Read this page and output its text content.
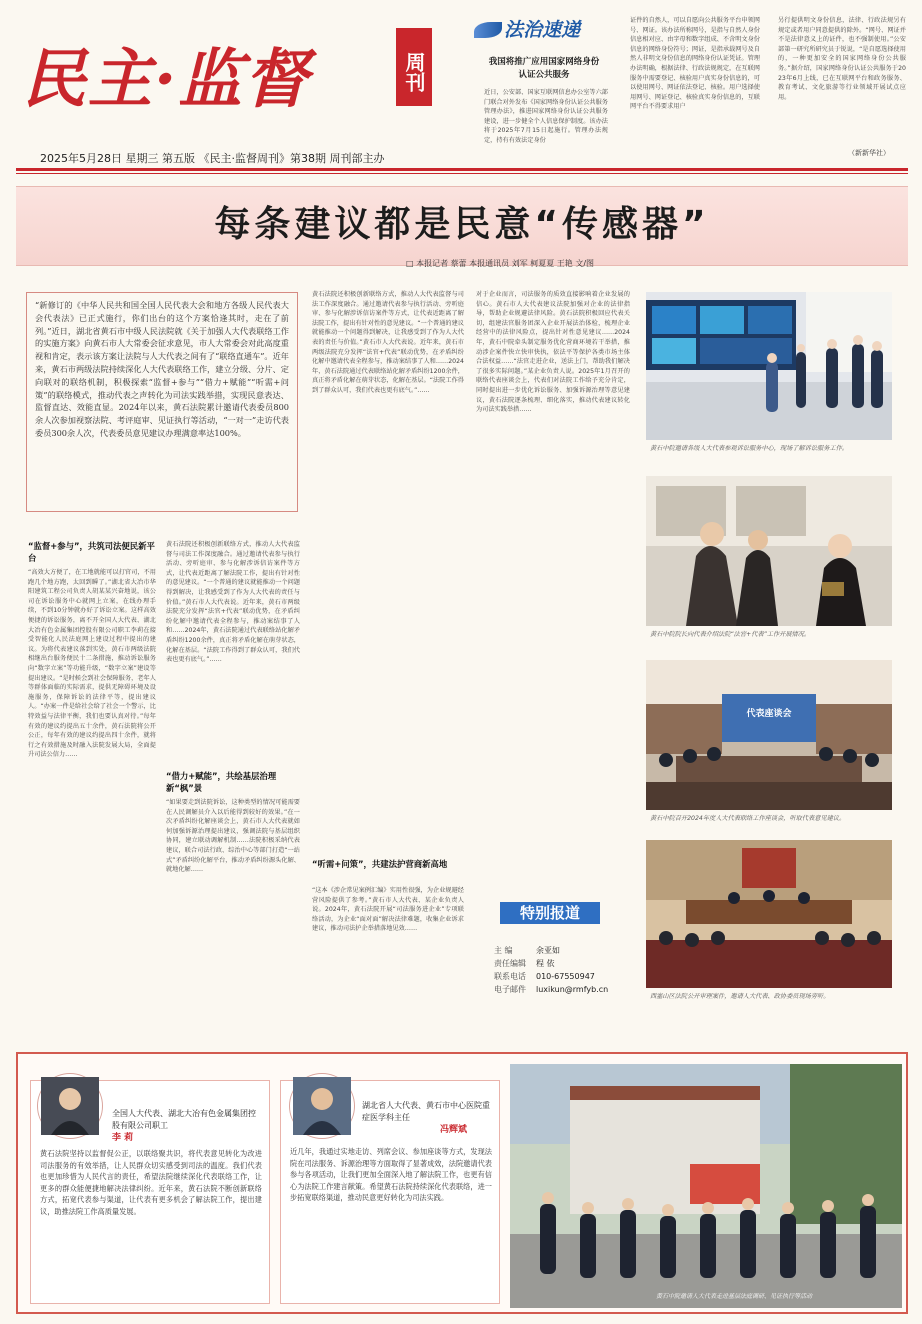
民主·监督	周刊
2025年5月28日 星期三 第五版 《民主·监督周刊》第38期 周刊部主办
法治速递
我国将推广应用国家网络身份认证公共服务
近日，公安部、国家互联网信息办公室等六部门联合对外发布《国家网络身份认证公共服务管理办法》，推进国家网络身份认证公共服务建设，进一步健全个人信息保护制度。该办法将于2025年7月15日起施行。管理办法规定，持有有效法定身份
证件的自然人，可以自愿向公共服务平台申领网号、网证。该办法所称网号，是指与自然人身份信息相对应、由字母和数字组成、不含明文身份信息的网络身份符号；网证，是指承载网号及自然人非明文身份信息的网络身份认证凭证。管理办法明确，根据法律、行政法规规定，在互联网服务中需要登记、核验用户真实身份信息的，可以使用网号、网证依法登记、核验。用户选择使用网号、网证登记、核验真实身份信息的，互联网平台不得要求用户
另行提供明文身份信息，法律、行政法规另有规定或者用户同意提供的除外。“网号、网证并不是法律意义上的证件，也不强制使用。”公安部第一研究所研究员于锐说，“是自愿选择使用的，一种更加安全的国家网络身份公共服务。”据介绍，国家网络身份认证公共服务于2023年6月上线，已在互联网平台和政务服务、教育考试、文化旅游等行业领域开展试点应用。
（新新华社）
每条建议都是民意“传感器”
□ 本报记者 蔡蕾 本报通讯员 刘军 柯夏夏 王艳 文/图
“新修订的《中华人民共和国全国人民代表大会和地方各级人民代表大会代表法》已正式施行，你们出台的这个方案恰逢其时，走在了前列。”近日，湖北省黄石市中级人民法院就《关于加强人大代表联络工作的实施方案》向黄石市人大常委会征求意见，市人大常委会对此高度重视和肯定，表示该方案让法院与人大代表之间有了“联络直通车”。近年来，黄石市两级法院持续深化人大代表联络工作，建立分级、分片、定向联对的联络机制，积极探索“监督+参与”“借力+赋能”“听需+问策”的联络模式，推动代表之声转化为司法实践举措，实现民意表达、监督直达、效能直显。2024年以来，黄石法院累计邀请代表委员800余人次参加视察法院、考评庭审、见证执行等活动，“一对一”走访代表委员300余人次，代表委员意见建议办理满意率达100%。
“监督+参与”，共筑司法便民新平台
“高效大方便了，在工地就能可以打官司，不用跑几个地方跑，太回到瞬了。”湖北省大冶市华阳建筑工程公司负责人胡某某兴奋地说，该公司在诉讼服务中心就网上立案，在线办理手续，不到10分钟就办好了诉讼立案。这样高效便捷的诉讼服务，离不开全国人大代表、湖北大冶有色金属集团控股有限公司职工李莉在接受智能化人民法庭网上建设过程中提出的建议。为将代表建议落到实处，黄石市两级法院相继出台服务便民十二条措施，推动诉讼服务向“数字立案”等功能升级，“数字立案”建设等提出建议。“是时候会到社会保障服务，老年人等群体面临的实际需求，提供无障碍环境及设施服务，保障诉讼的法律平等，提出建议人。“办案一件是给社会给了社会一个警示，比特效益与法律平衡，我们也要认真对待。”每年有效的建议约提出五十余件，黄石法院将公开公正，每年有效的建议约提出四十余件，就将行之有效措施及时融入法院发展大局，全面提升司法公信力……
黄石法院还积极创新联络方式，推动人大代表监督与司法工作深度融合。通过邀请代表参与执行活动、旁听庭审、参与化解涉诉信访案件等方式，让代表近距离了解法院工作，提出有针对性的意见建议。“一个普通的建议就能推动一个问题得到解决，让我感受到了作为人大代表的责任与价值。”黄石市人大代表说。近年来，黄石市两级法院充分发挥“法官+代表”联动优势，在矛盾纠纷化解中邀请代表全程参与，推动案结事了人和……2024年，黄石法院通过代表联络站化解矛盾纠纷1200余件，真正将矛盾化解在萌芽状态，化解在基层。“法院工作得到了群众认可，我们代表也更有底气。”……
“借力+赋能”，共绘基层治理新“枫”景
“如果要走到法院诉讼，这种类型的情况可能需要在人民调解员介入以后能得到较好的效果。”在一次矛盾纠纷化解座谈会上，黄石市人大代表就如何加强诉源治理提出建议，强调法院与基层组织协同，建立联动调解机制……法院积极采纳代表建议，联合司法行政、综治中心等部门打造“一站式”矛盾纠纷化解平台，推动矛盾纠纷源头化解、就地化解……
黄石法院还积极创新联络方式，推动人大代表监督与司法工作深度融合。通过邀请代表参与执行活动、旁听庭审、参与化解涉诉信访案件等方式，让代表近距离了解法院工作，提出有针对性的意见建议。“一个普通的建议就能推动一个问题得到解决，让我感受到了作为人大代表的责任与价值。”黄石市人大代表说。近年来，黄石市两级法院充分发挥“法官+代表”联动优势，在矛盾纠纷化解中邀请代表全程参与，推动案结事了人和……2024年，黄石法院通过代表联络站化解矛盾纠纷1200余件，真正将矛盾化解在萌芽状态，化解在基层。“法院工作得到了群众认可，我们代表也更有底气。”……
“听需+问策”，共建法护营商新高地
“这本《涉企常见案例汇编》实用性很强，为企业规避经营风险提供了参考。”黄石市人大代表、某企业负责人说。2024年，黄石法院开展“司法服务进企业”专项联络活动，为企业“面对面”解决法律难题，收集企业诉求建议，推动司法护企举措落地见效……
对于企业而言，司法服务的质效直接影响着企业发展的信心。黄石市人大代表建议法院加强对企业的法律指导，帮助企业规避法律风险。黄石法院积极回应代表关切，组建法官服务团深入企业开展法治体检，梳理企业经营中的法律风险点，提出针对性意见建议……2024年，黄石中院牵头制定服务优化营商环境若干举措，推动涉企案件快立快审快执，依法平等保护各类市场主体合法权益……“法官走进企业，送法上门，帮助我们解决了很多实际问题。”某企业负责人说。2025年1月召开的联络代表座谈会上，代表们对法院工作给予充分肯定，同时提出进一步优化诉讼服务、加强诉源治理等意见建议，黄石法院逐条梳理、细化落实，推动代表建议转化为司法实践举措……
黄石中院邀请各级人大代表参观诉讼服务中心，现场了解诉讼服务工作。
黄石中院院长向代表介绍法院“法官+代表”工作开展情况。
代表座谈会
黄石中院召开2024年度人大代表联络工作座谈会，听取代表意见建议。
西塞山区法院公开审理案件，邀请人大代表、政协委员现场旁听。
特别报道
主 编	余亚如
责任编辑	程 依
联系电话	010-67550947
电子邮件	luxikun@rmfyb.cn
全国人大代表、湖北大冶有色金属集团控股有限公司职工
李 莉
黄石法院坚持以监督促公正，以联络聚共识，将代表意见转化为改进司法服务的有效举措，让人民群众切实感受到司法的温度。我们代表也更加珍惜为人民代言的责任，希望法院继续深化代表联络工作，让更多的群众能便捷地解决法律纠纷。近年来，黄石法院不断创新联络方式，拓宽代表参与渠道，让代表有更多机会了解法院工作，提出建议，助推法院工作高质量发展。
湖北省人大代表、黄石市中心医院重症医学科主任
冯辉斌
近几年，我通过实地走访、列席会议、参加座谈等方式，发现法院在司法服务、诉源治理等方面取得了显著成效，法院邀请代表参与各项活动，让我们更加全面深入地了解法院工作，也更有信心为法院工作建言献策。希望黄石法院持续深化代表联络，进一步拓宽联络渠道，推动民意更好转化为司法实践。
黄石中院邀请人大代表走进基层法庭调研、见证执行等活动
